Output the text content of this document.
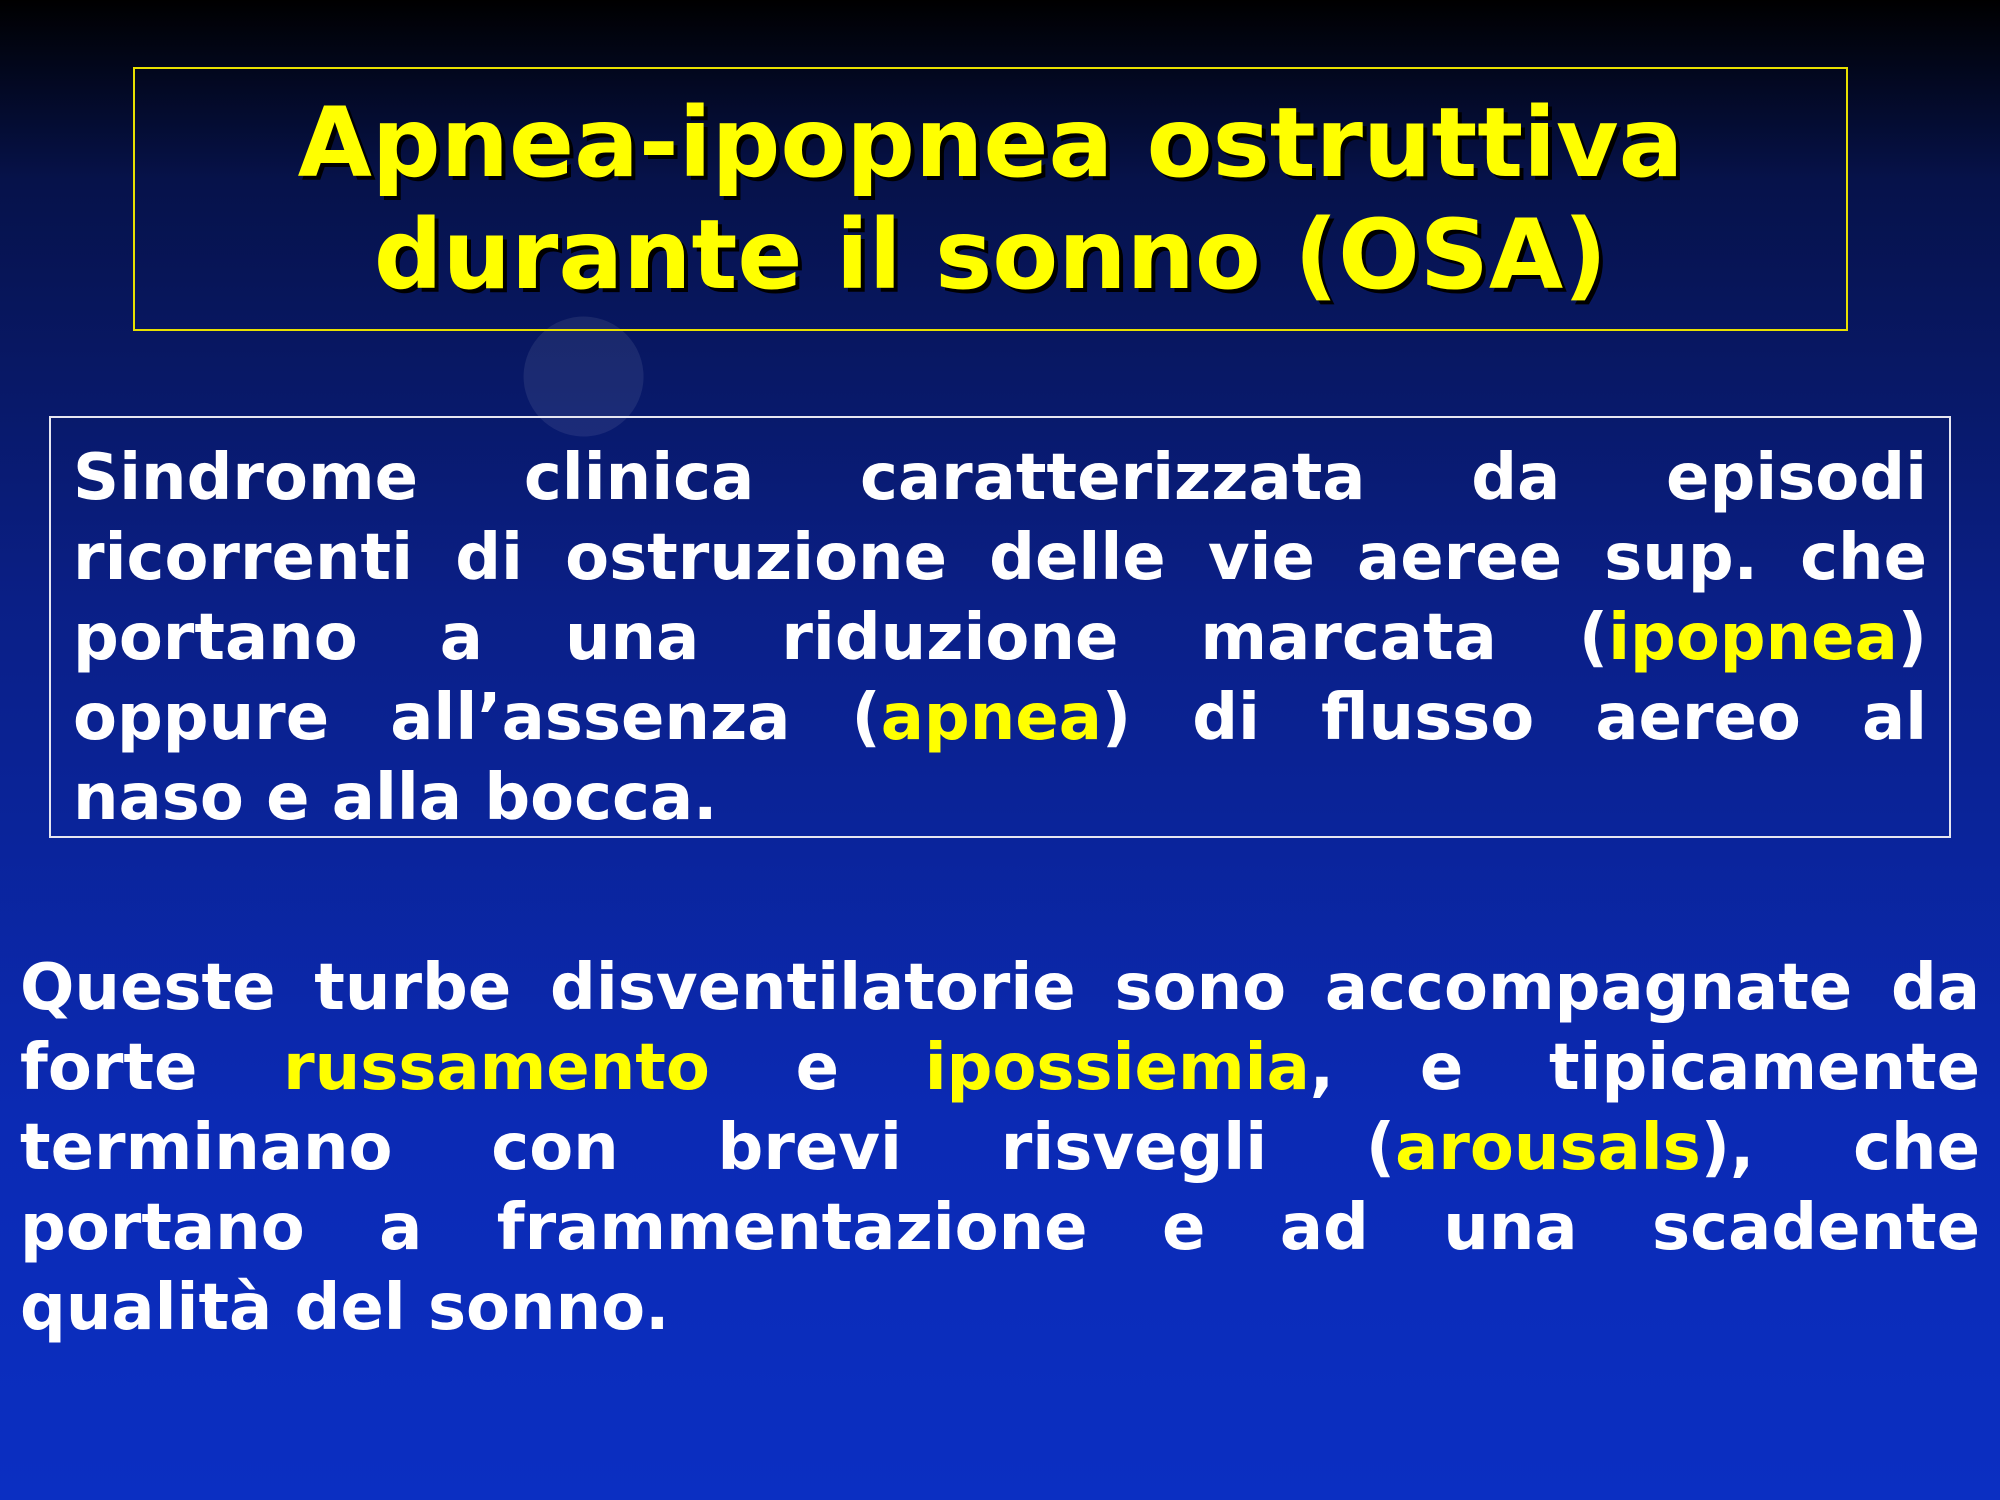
Apnea-ipopnea ostruttiva
durante il sonno (OSA)
Sindrome clinica caratterizzata da episodi
ricorrenti di ostruzione delle vie aeree sup. che
portano a una riduzione marcata (ipopnea)
oppure all’assenza (apnea) di flusso aereo al
naso e alla bocca.
Queste turbe disventilatorie sono accompagnate da
forte russamento e ipossiemia, e tipicamente
terminano con brevi risvegli (arousals), che
portano a frammentazione e ad una scadente
qualità del sonno.
